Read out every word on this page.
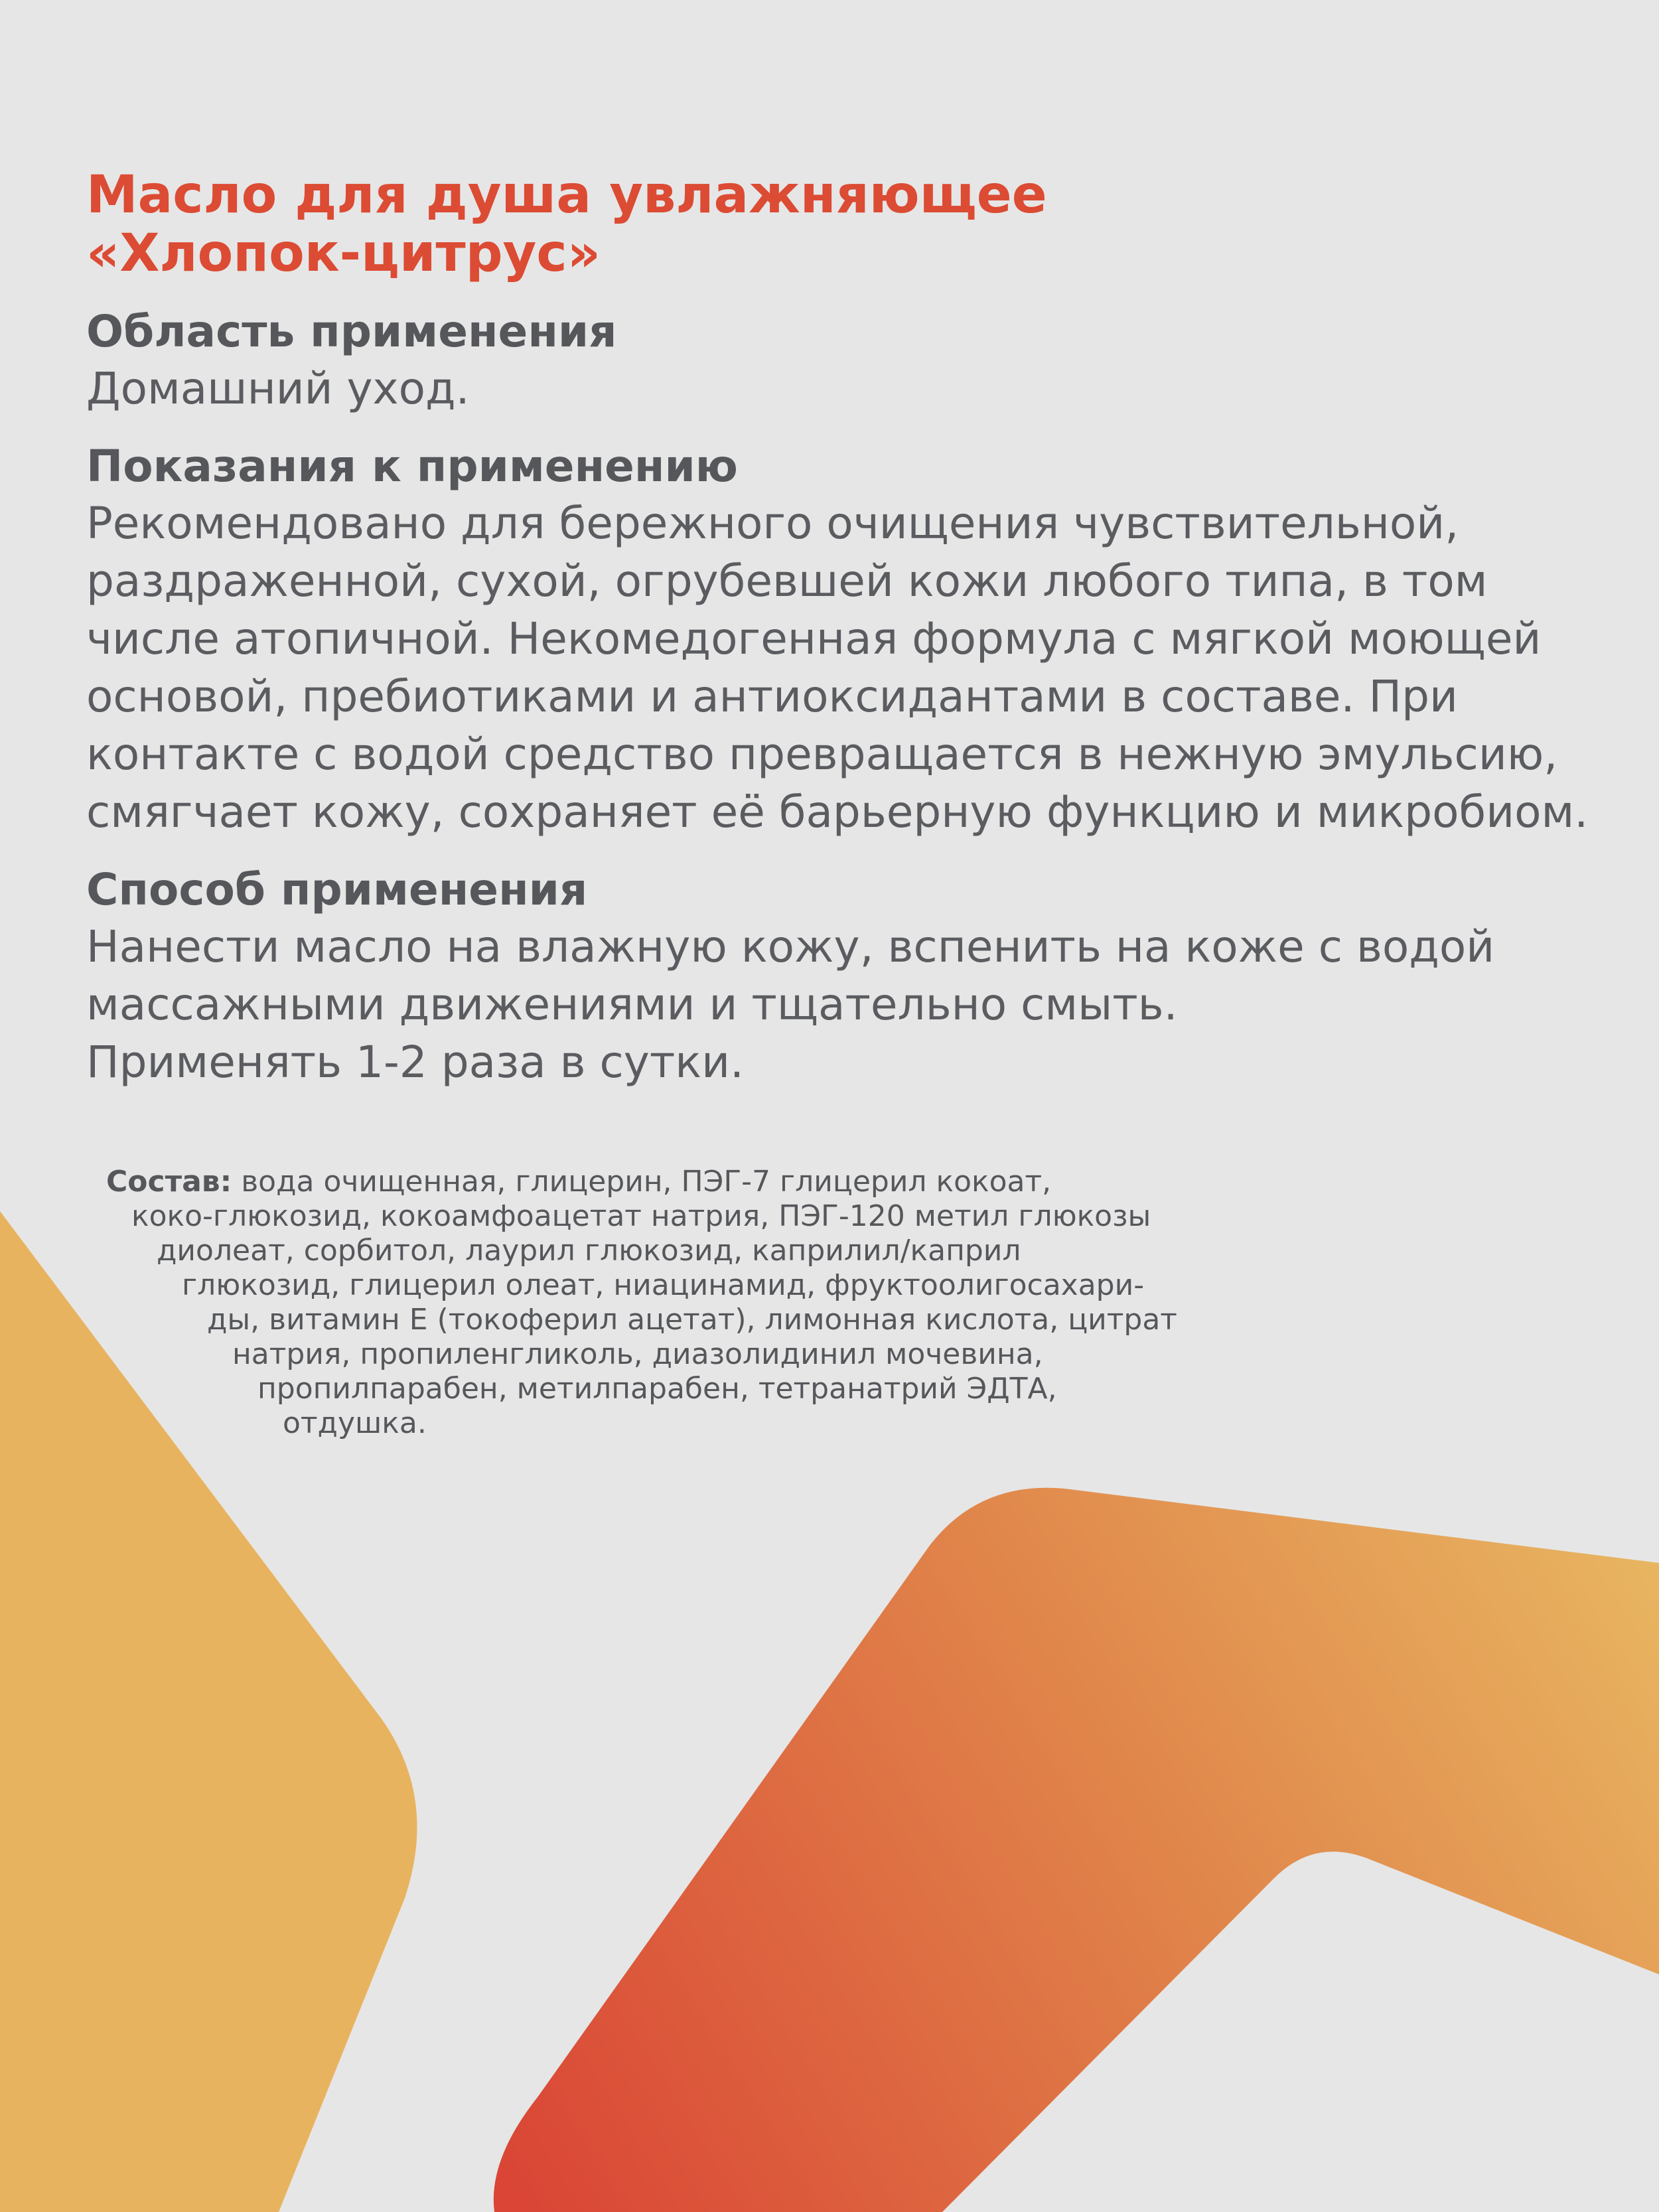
Масло для душа увлажняющее
«Хлопок-цитрус»
Область применения

Домашний уход.

Показания к применению

Рекомендовано для бережного очищения чувствительной,
раздраженной, сухой, огрубевшей кожи любого типа, в том
числе атопичной. Некомедогенная формула с мягкой моющей
основой, пребиотиками и антиоксидантами в составе. При
контакте с водой средство превращается в нежную эмульсию,
смягчает кожу, сохраняет её барьерную функцию и микробиом.

Способ применения

Нанести масло на влажную кожу, вспенить на коже с водой
массажными движениями и тщательно смыть.
Применять 1-2 раза в сутки.

Состав: вода очищенная, глицерин, ПЭГ-7 глицерил кокоат,
коко-глюкозид, кокоамфоацетат натрия, ПЭГ-120 метил глюкозы
диолеат, сорбитол, лаурил глюкозид, каприлил/каприл
глюкозид, глицерил олеат, ниацинамид, фруктоолигосахари-
ды, витамин Е (токоферил ацетат), лимонная кислота, цитрат
натрия, пропиленгликоль, диазолидинил мочевина,
пропилпарабен, метилпарабен, тетранатрий ЭДТА,
отдушка.
